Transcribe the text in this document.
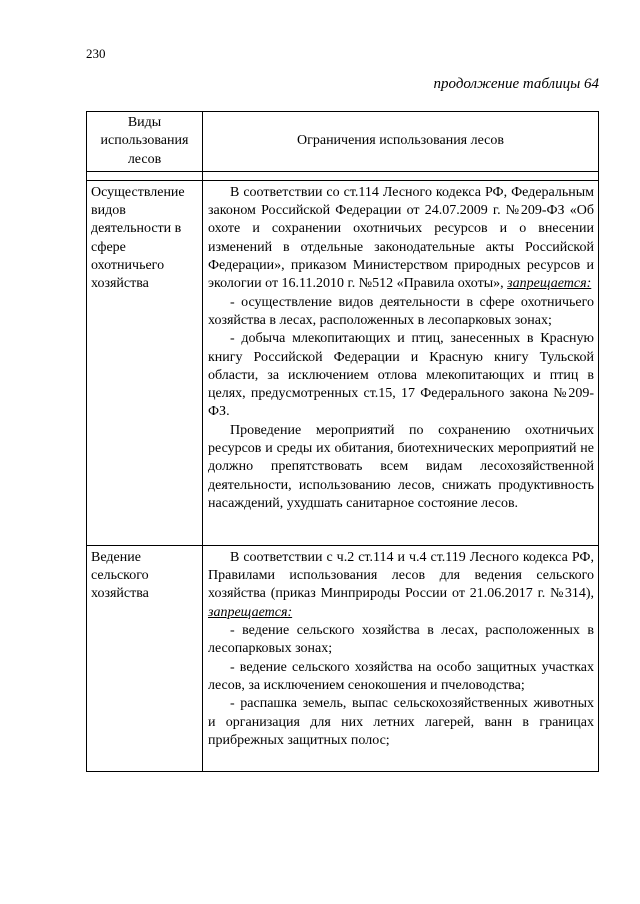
230
продолжение таблицы 64
Виды использования лесов	Ограничения использования лесов

Осуществление видов деятельности в сфере охотничьего хозяйства	В соответствии со ст.114 Лесного кодекса РФ, Федеральным законом Российской Федерации от 24.07.2009 г. №209-ФЗ «Об охоте и сохранении охотничьих ресурсов и о внесении изменений в отдельные законодательные акты Российской Федерации», приказом Министерством природных ресурсов и экологии от 16.11.2010 г. №512 «Правила охоты», запрещается:

- осуществление видов деятельности в сфере охотничьего хозяйства в лесах, расположенных в лесопарковых зонах;

- добыча млекопитающих и птиц, занесенных в Красную книгу Российской Федерации и Красную книгу Тульской области, за исключением отлова млекопитающих и птиц в целях, предусмотренных ст.15, 17 Федерального закона №209-ФЗ.

Проведение мероприятий по сохранению охотничьих ресурсов и среды их обитания, биотехнических мероприятий не должно препятствовать всем видам лесохозяйственной деятельности, использованию лесов, снижать продуктивность насаждений, ухудшать санитарное состояние лесов.

Ведение сельского хозяйства	В соответствии с ч.2 ст.114 и ч.4 ст.119 Лесного кодекса РФ, Правилами использования лесов для ведения сельского хозяйства (приказ Минприроды России от 21.06.2017 г. №314), запрещается:

- ведение сельского хозяйства в лесах, расположенных в лесопарковых зонах;

- ведение сельского хозяйства на особо защитных участках лесов, за исключением сенокошения и пчеловодства;

- распашка земель, выпас сельскохозяйственных животных и организация для них летних лагерей, ванн в границах прибрежных защитных полос;
